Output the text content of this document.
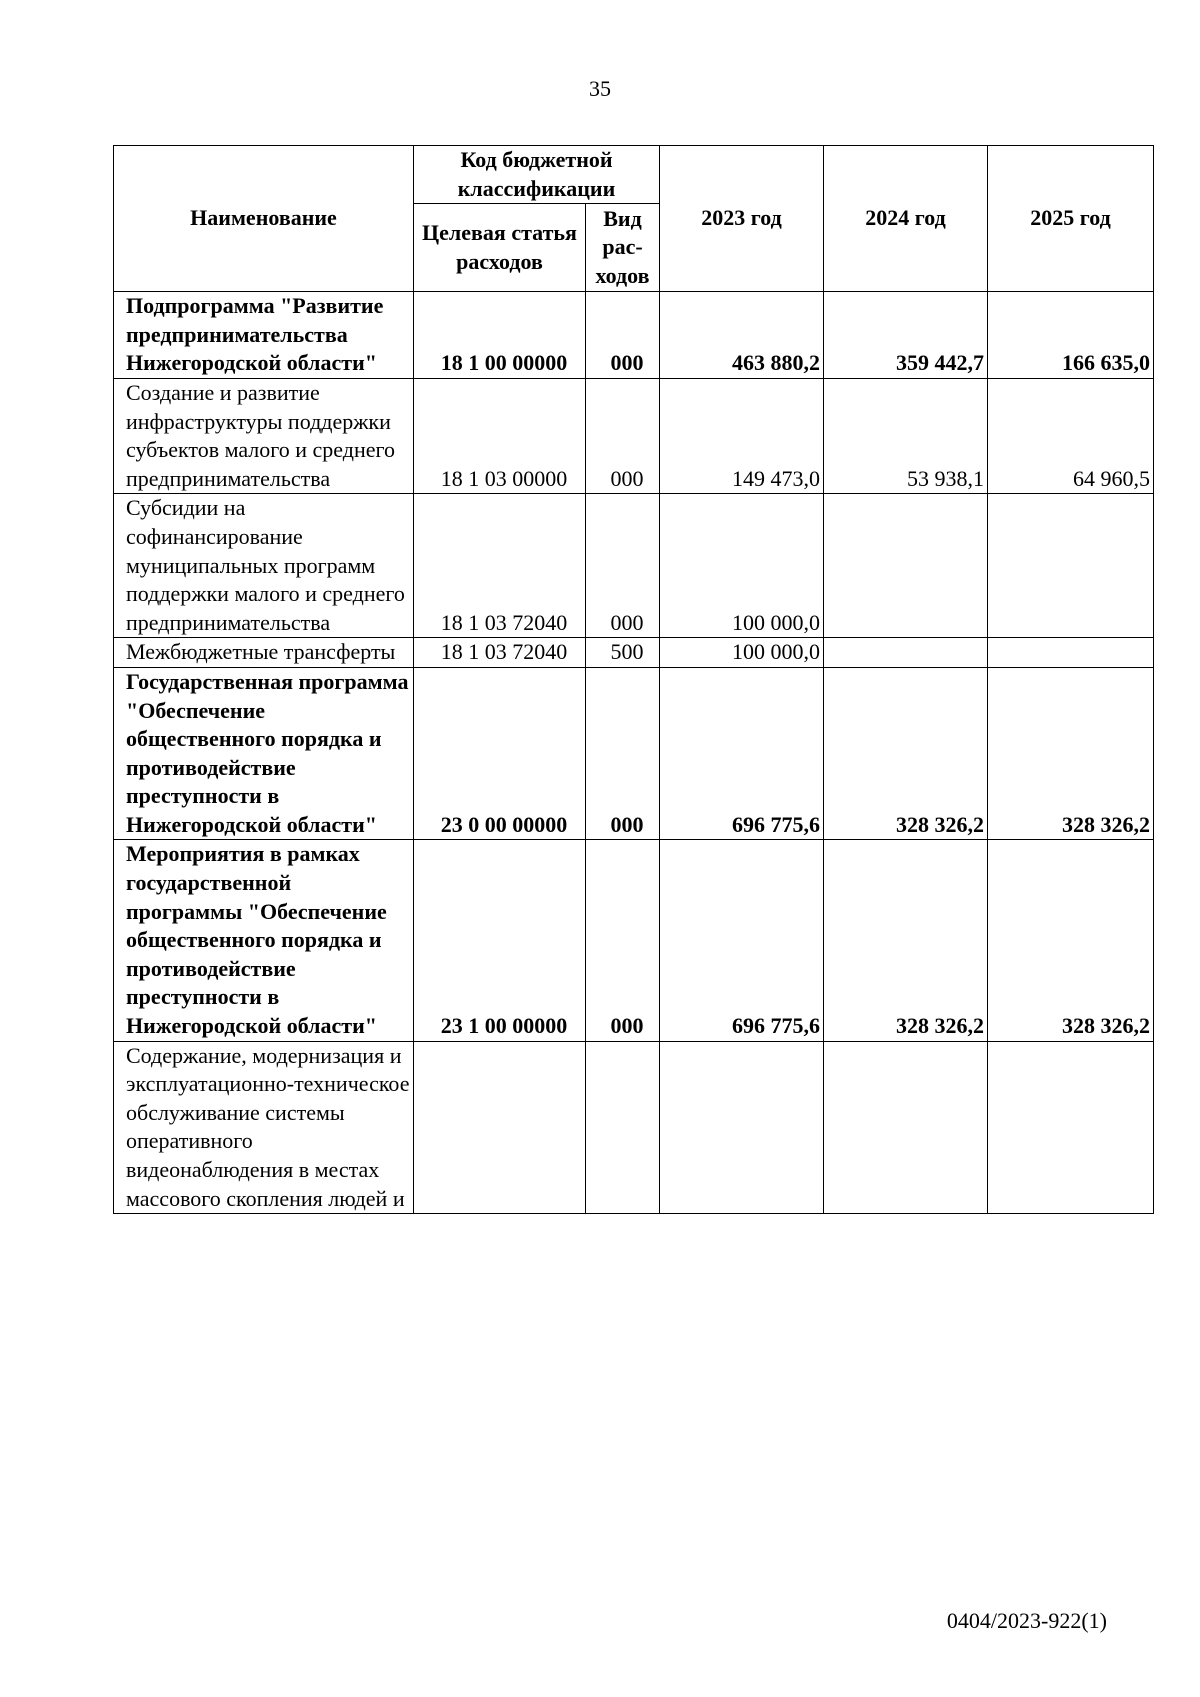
35
Наименование	Код бюджетной классификации		2023 год	2024 год	2025 год
	Целевая статья расходов	Вид рас-ходов			
Подпрограмма "Развитие предпринимательства Нижегородской области"	18 1 00 00000	000	463 880,2	359 442,7	166 635,0
Создание и развитие инфраструктуры поддержки субъектов малого и среднего предпринимательства	18 1 03 00000	000	149 473,0	53 938,1	64 960,5
Субсидии на софинансирование муниципальных программ поддержки малого и среднего предпринимательства	18 1 03 72040	000	100 000,0		
Межбюджетные трансферты	18 1 03 72040	500	100 000,0		
Государственная программа "Обеспечение общественного порядка и противодействие преступности в Нижегородской области"	23 0 00 00000	000	696 775,6	328 326,2	328 326,2
Мероприятия в рамках государственной программы "Обеспечение общественного порядка и противодействие преступности в Нижегородской области"	23 1 00 00000	000	696 775,6	328 326,2	328 326,2
Содержание, модернизация и эксплуатационно-техническое обслуживание системы оперативного видеонаблюдения в местах массового скопления людей и					
0404/2023-922(1)
